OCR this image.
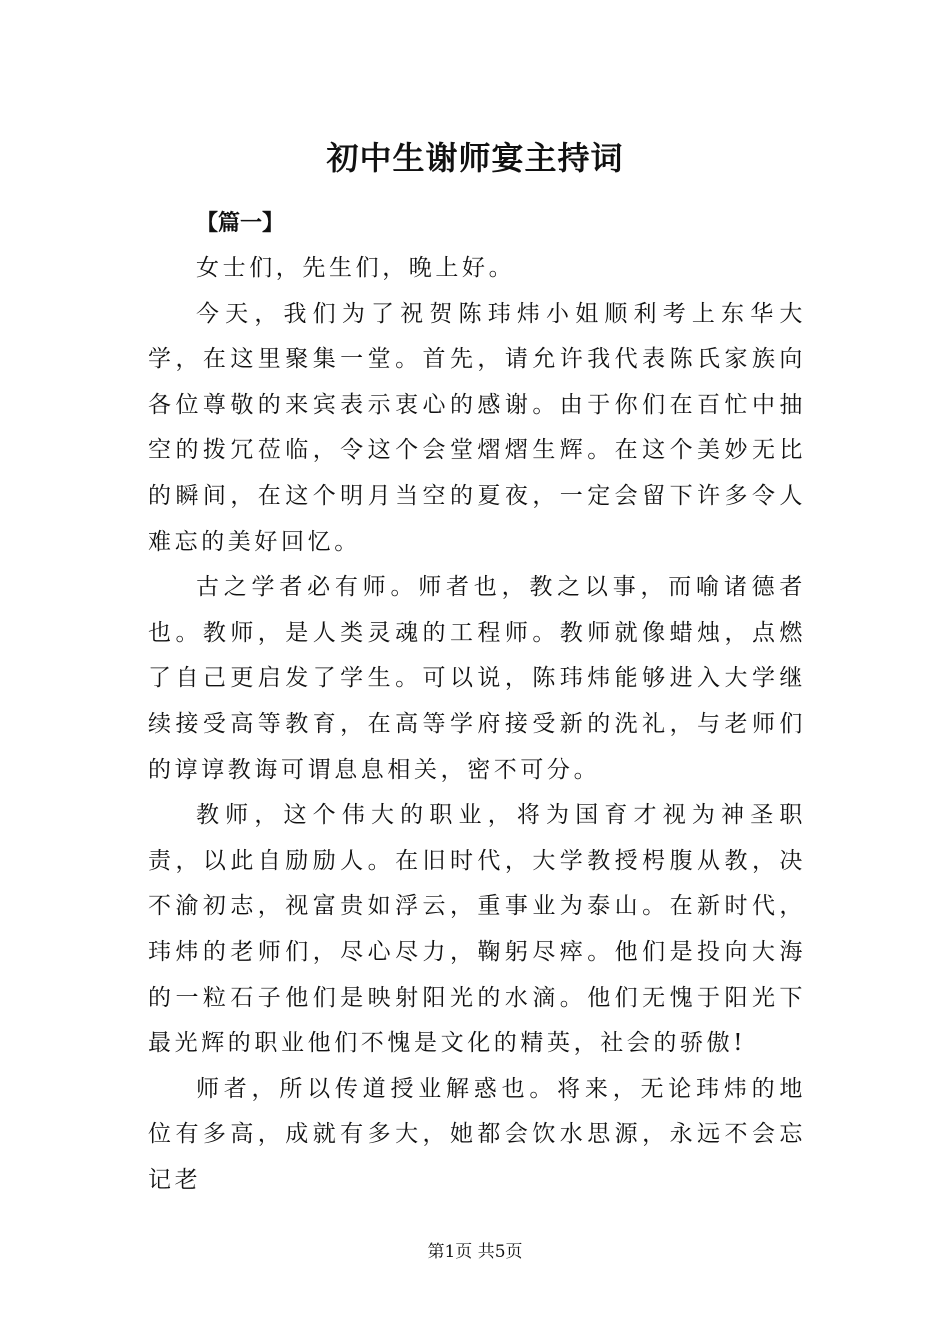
初中生谢师宴主持词
【篇一】

女士们，先生们，晚上好。

今天，我们为了祝贺陈玮炜小姐顺利考上东华大学，在这里聚集一堂。首先，请允许我代表陈氏家族向各位尊敬的来宾表示衷心的感谢。由于你们在百忙中抽空的拨冗莅临，令这个会堂熠熠生辉。在这个美妙无比的瞬间，在这个明月当空的夏夜，一定会留下许多令人难忘的美好回忆。

古之学者必有师。师者也，教之以事，而喻诸德者也。教师，是人类灵魂的工程师。教师就像蜡烛，点燃了自己更启发了学生。可以说，陈玮炜能够进入大学继续接受高等教育，在高等学府接受新的洗礼，与老师们的谆谆教诲可谓息息相关，密不可分。

教师，这个伟大的职业，将为国育才视为神圣职责，以此自励励人。在旧时代，大学教授枵腹从教，决不渝初志，视富贵如浮云，重事业为泰山。在新时代，玮炜的老师们，尽心尽力，鞠躬尽瘁。他们是投向大海的一粒石子他们是映射阳光的水滴。他们无愧于阳光下最光辉的职业他们不愧是文化的精英，社会的骄傲!

师者，所以传道授业解惑也。将来，无论玮炜的地位有多高，成就有多大，她都会饮水思源，永远不会忘记老

第1页 共5页
